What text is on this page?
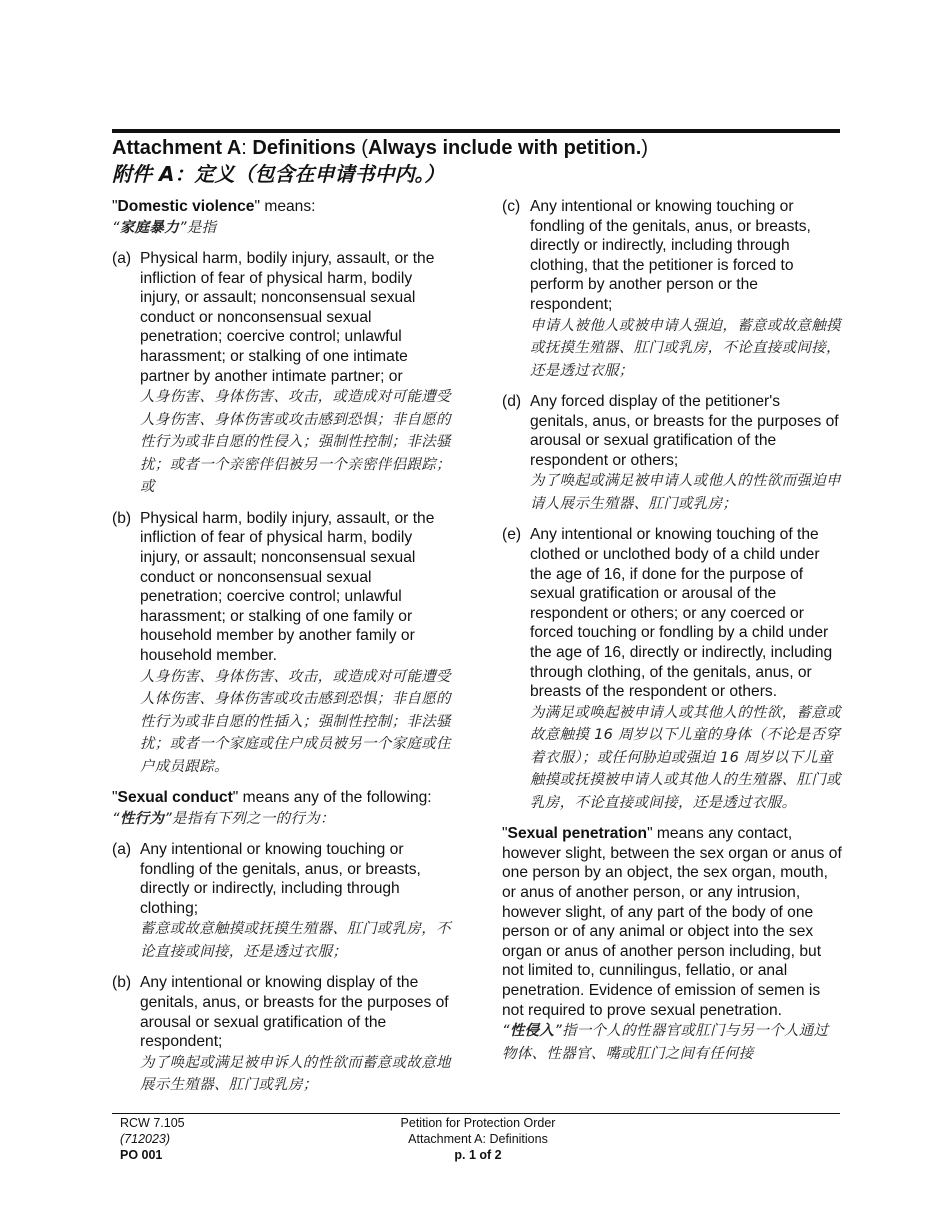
Attachment A: Definitions (Always include with petition.)
附件 A：定义（包含在申请书中内。）
"Domestic violence" means:
“家庭暴力”是指
(a) Physical harm, bodily injury, assault, or the infliction of fear of physical harm, bodily injury, or assault; nonconsensual sexual conduct or nonconsensual sexual penetration; coercive control; unlawful harassment; or stalking of one intimate partner by another intimate partner; or
人身伤害、身体伤害、攻击，或造成对可能遭受人身伤害、身体伤害或攻击感到恐惧；非自愿的性行为或非自愿的性侵入；强制性控制；非法骚扰；或者一个亲密伴侣被另一个亲密伴侣跟踪；或
(b) Physical harm, bodily injury, assault, or the infliction of fear of physical harm, bodily injury, or assault; nonconsensual sexual conduct or nonconsensual sexual penetration; coercive control; unlawful harassment; or stalking of one family or household member by another family or household member.
人身伤害、身体伤害、攻击，或造成对可能遭受人体伤害、身体伤害或攻击感到恐惧；非自愿的性行为或非自愿的性插入；强制性控制；非法骚扰；或者一个家庭或住户成员被另一个家庭或住户成员跟踪。
"Sexual conduct" means any of the following:
“性行为”是指有下列之一的行为：
(a) Any intentional or knowing touching or fondling of the genitals, anus, or breasts, directly or indirectly, including through clothing;
蓄意或故意触摸或抚摸生殖器、肛门或乳房，不论直接或间接，还是透过衣服；
(b) Any intentional or knowing display of the genitals, anus, or breasts for the purposes of arousal or sexual gratification of the respondent;
为了唤起或满足被申诉人的性欲而蓄意或故意地展示生殖器、肛门或乳房；
(c) Any intentional or knowing touching or fondling of the genitals, anus, or breasts, directly or indirectly, including through clothing, that the petitioner is forced to perform by another person or the respondent;
申请人被他人或被申请人强迫，蓄意或故意触摸或抚摸生殖器、肛门或乳房，不论直接或间接，还是透过衣服；
(d) Any forced display of the petitioner's genitals, anus, or breasts for the purposes of arousal or sexual gratification of the respondent or others;
为了唤起或满足被申请人或他人的性欲而强迫申请人展示生殖器、肛门或乳房；
(e) Any intentional or knowing touching of the clothed or unclothed body of a child under the age of 16, if done for the purpose of sexual gratification or arousal of the respondent or others; or any coerced or forced touching or fondling by a child under the age of 16, directly or indirectly, including through clothing, of the genitals, anus, or breasts of the respondent or others.
为满足或唤起被申请人或其他人的性欲，蓄意或故意触摸 16 周岁以下儿童的身体（不论是否穿着衣服）；或任何胁迫或强迫 16 周岁以下儿童触摸或抚摸被申请人或其他人的生殖器、肛门或乳房，不论直接或间接，还是透过衣服。
"Sexual penetration" means any contact, however slight, between the sex organ or anus of one person by an object, the sex organ, mouth, or anus of another person, or any intrusion, however slight, of any part of the body of one person or of any animal or object into the sex organ or anus of another person including, but not limited to, cunnilingus, fellatio, or anal penetration. Evidence of emission of semen is not required to prove sexual penetration.
“性侵入”指一个人的性器官或肛门与另一个人通过物体、性器官、嘴或肛门之间有任何接
RCW 7.105
(712023)
PO 001
Petition for Protection Order
Attachment A: Definitions
p. 1 of 2
